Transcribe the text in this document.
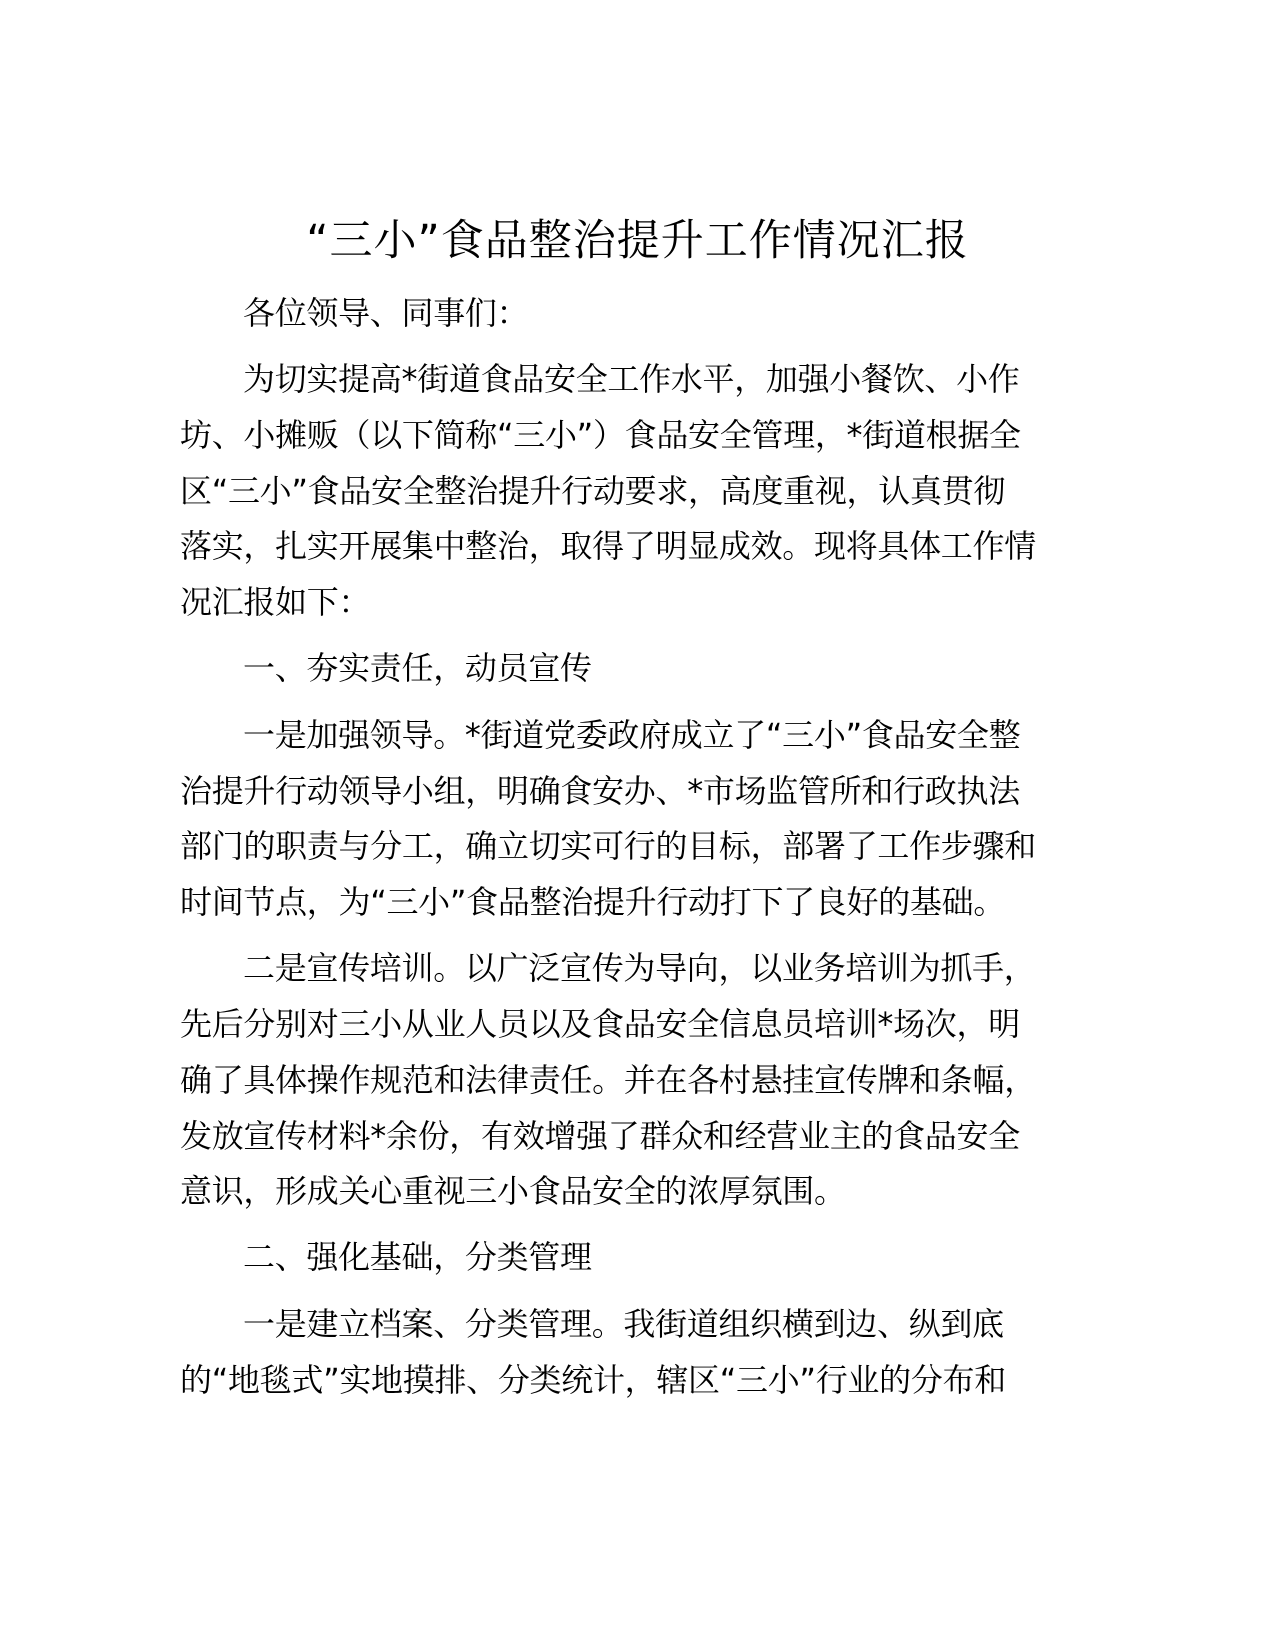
“三小”食品整治提升工作情况汇报
各位领导、同事们：
为切实提高*街道食品安全工作水平，加强小餐饮、小作
坊、小摊贩（以下简称“三小”）食品安全管理，*街道根据全
区“三小”食品安全整治提升行动要求，高度重视，认真贯彻
落实，扎实开展集中整治，取得了明显成效。现将具体工作情
况汇报如下：
一、夯实责任，动员宣传
一是加强领导。*街道党委政府成立了“三小”食品安全整
治提升行动领导小组，明确食安办、*市场监管所和行政执法
部门的职责与分工，确立切实可行的目标，部署了工作步骤和
时间节点，为“三小”食品整治提升行动打下了良好的基础。
二是宣传培训。以广泛宣传为导向，以业务培训为抓手，
先后分别对三小从业人员以及食品安全信息员培训*场次，明
确了具体操作规范和法律责任。并在各村悬挂宣传牌和条幅，
发放宣传材料*余份，有效增强了群众和经营业主的食品安全
意识，形成关心重视三小食品安全的浓厚氛围。
二、强化基础，分类管理
一是建立档案、分类管理。我街道组织横到边、纵到底
的“地毯式”实地摸排、分类统计，辖区“三小”行业的分布和
